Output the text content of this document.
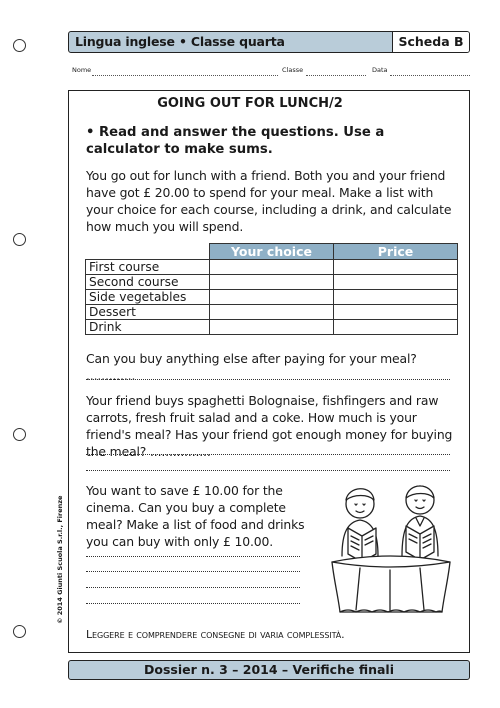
Lingua inglese • Classe quarta	Scheda B
Nome	Classe	Data
GOING OUT FOR LUNCH/2
• Read and answer the questions. Use a calculator to make sums.
You go out for lunch with a friend. Both you and your friend have got £ 20.00 to spend for your meal. Make a list with your choice for each course, including a drink, and calculate how much you will spend.
	Your choice	Price
First course		
Second course		
Side vegetables		
Dessert		
Drink		
Can you buy anything else after paying for your meal? .............
Your friend buys spaghetti Bolognaise, fishfingers and raw carrots, fresh fruit salad and a coke. How much is your friend's meal? Has your friend got enough money for buying the meal? ................
You want to save £ 10.00 for the cinema. Can you buy a complete meal? Make a list of food and drinks you can buy with only £ 10.00.
Leggere e comprendere consegne di varia complessità.
© 2014 Giunti Scuola S.r.l., Firenze
Dossier n. 3 – 2014 – Verifiche finali
